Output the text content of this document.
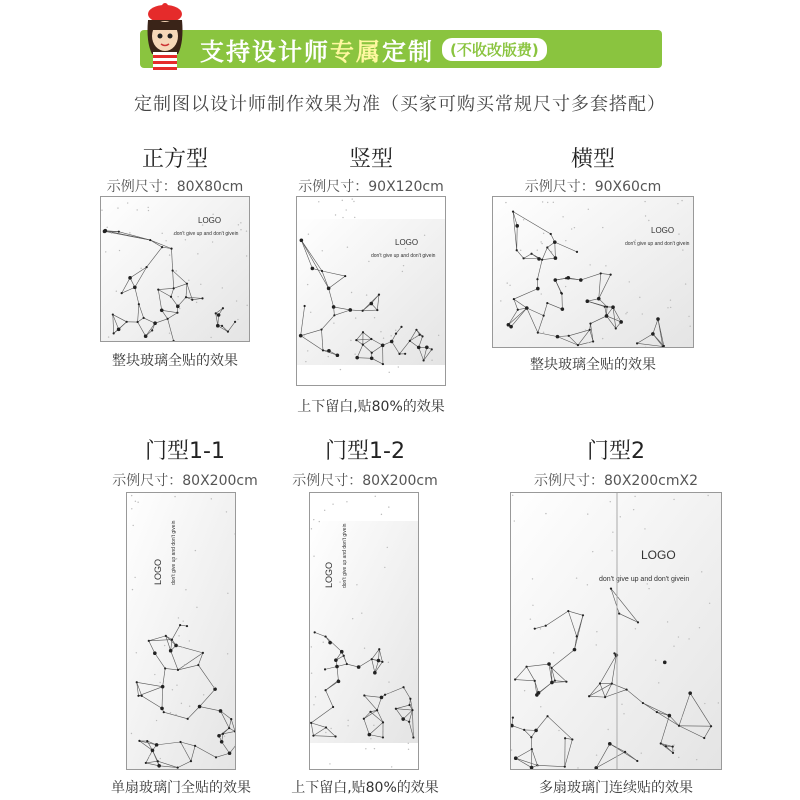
支持设计师专属定制	(不收改版费)
定制图以设计师制作效果为准（买家可购买常规尺寸多套搭配）
正方型
示例尺寸：80X80cm
LOGO
don't give up and don't givein
整块玻璃全贴的效果
竖型
示例尺寸：90X120cm
LOGO
don't give up and don't givein
上下留白,贴80%的效果
横型
示例尺寸：90X60cm
LOGO
don't give up and don't givein
整块玻璃全贴的效果
门型1-1
示例尺寸：80X200cm
LOGO don't give up and don't givein
单扇玻璃门全贴的效果
门型1-2
示例尺寸：80X200cm
LOGO don't give up and don't givein
上下留白,贴80%的效果
门型2
示例尺寸：80X200cmX2
LOGO
don't give up and don't givein
多扇玻璃门连续贴的效果
